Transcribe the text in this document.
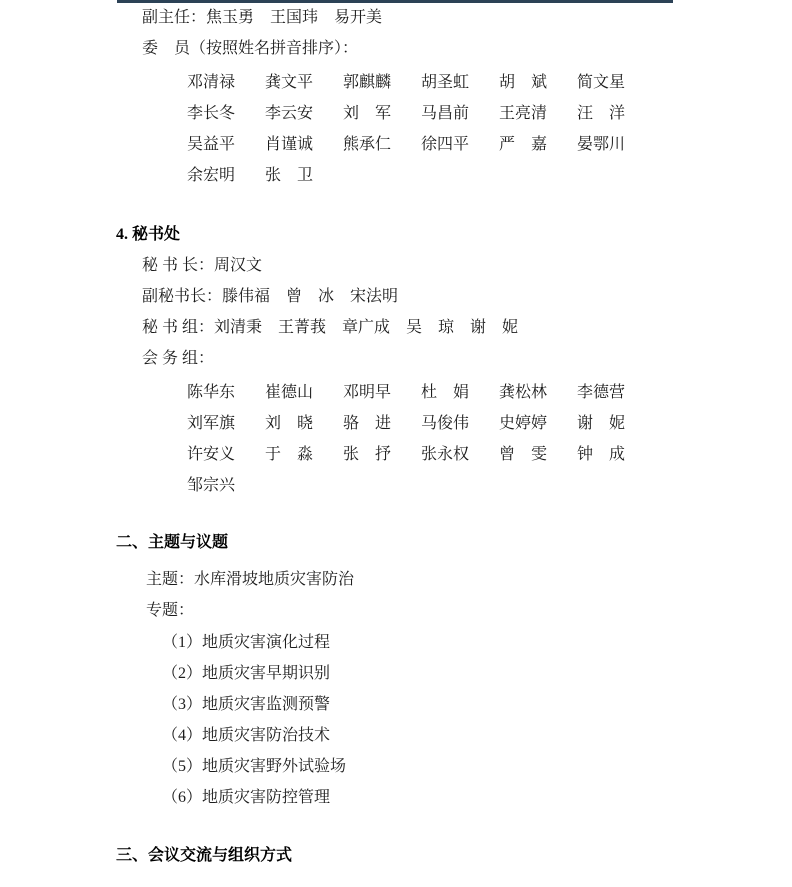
副主任：焦玉勇　王国玮　易开美
委　员（按照姓名拼音排序）：
邓清禄	龚文平	郭麒麟	胡圣虹	胡　斌	简文星
李长冬	李云安	刘　军	马昌前	王亮清	汪　洋
吴益平	肖谨诚	熊承仁	徐四平	严　嘉	晏鄂川
余宏明	张　卫
4. 秘书处
秘 书 长：周汉文
副秘书长：滕伟福　曾　冰　宋法明
秘 书 组：刘清秉　王菁莪　章广成　吴　琼　谢　妮
会 务 组：
陈华东	崔德山	邓明早	杜　娟	龚松林	李德营
刘军旗	刘　晓	骆　进	马俊伟	史婷婷	谢　妮
许安义	于　淼	张　抒	张永权	曾　雯	钟　成
邹宗兴
二、主题与议题
主题：水库滑坡地质灾害防治
专题：
（1）地质灾害演化过程
（2）地质灾害早期识别
（3）地质灾害监测预警
（4）地质灾害防治技术
（5）地质灾害野外试验场
（6）地质灾害防控管理
三、会议交流与组织方式
